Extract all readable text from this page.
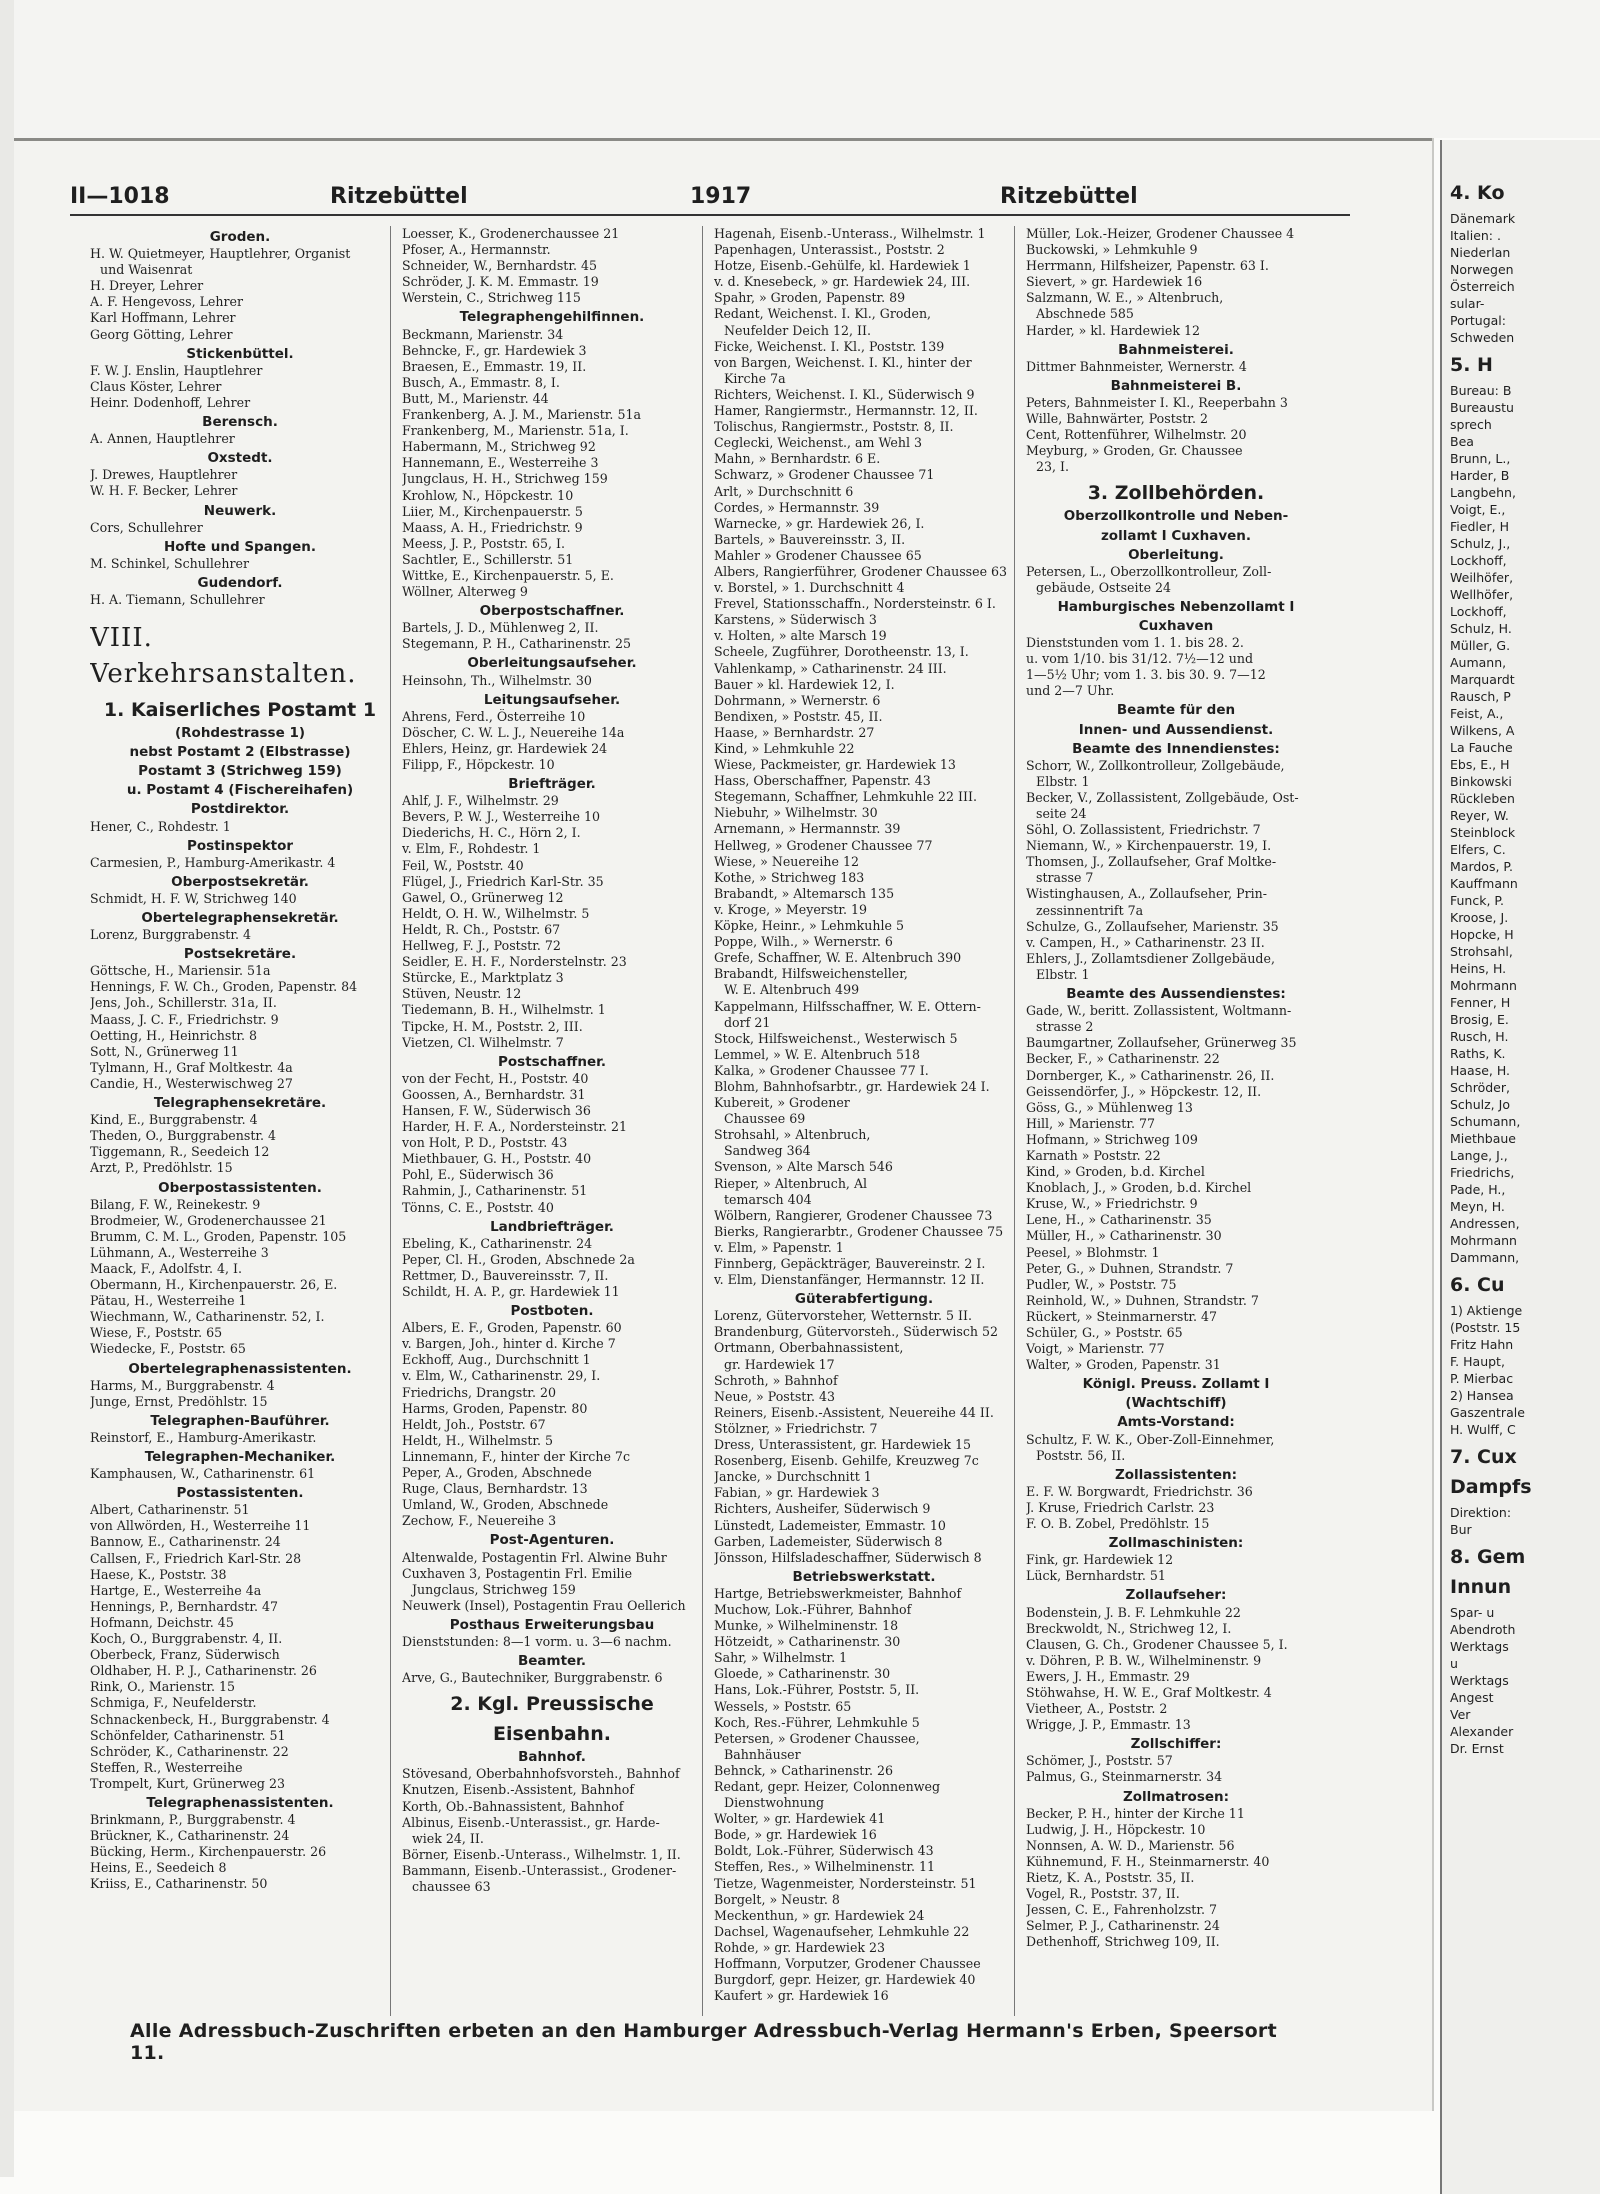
II—1018	Ritzebüttel	1917	Ritzebüttel
Groden.
H. W. Quietmeyer, Hauptlehrer, Organist
und Waisenrat
H. Dreyer, Lehrer
A. F. Hengevoss, Lehrer
Karl Hoffmann, Lehrer
Georg Götting, Lehrer
Stickenbüttel.
F. W. J. Enslin, Hauptlehrer
Claus Köster, Lehrer
Heinr. Dodenhoff, Lehrer
Berensch.
A. Annen, Hauptlehrer
Oxstedt.
J. Drewes, Hauptlehrer
W. H. F. Becker, Lehrer
Neuwerk.
Cors, Schullehrer
Hofte und Spangen.
M. Schinkel, Schullehrer
Gudendorf.
H. A. Tiemann, Schullehrer
VIII. Verkehrsanstalten.
1. Kaiserliches Postamt 1
(Rohdestrasse 1)
nebst Postamt 2 (Elbstrasse)
Postamt 3 (Strichweg 159)
u. Postamt 4 (Fischereihafen)
Postdirektor.
Hener, C., Rohdestr. 1
Postinspektor
Carmesien, P., Hamburg-Amerikastr. 4
Oberpostsekretär.
Schmidt, H. F. W, Strichweg 140
Obertelegraphensekretär.
Lorenz, Burggrabenstr. 4
Postsekretäre.
Göttsche, H., Mariensir. 51a
Hennings, F. W. Ch., Groden, Papenstr. 84
Jens, Joh., Schillerstr. 31a, II.
Maass, J. C. F., Friedrichstr. 9
Oetting, H., Heinrichstr. 8
Sott, N., Grünerweg 11
Tylmann, H., Graf Moltkestr. 4a
Candie, H., Westerwischweg 27
Telegraphensekretäre.
Kind, E., Burggrabenstr. 4
Theden, O., Burggrabenstr. 4
Tiggemann, R., Seedeich 12
Arzt, P., Predöhlstr. 15
Oberpostassistenten.
Bilang, F. W., Reinekestr. 9
Brodmeier, W., Grodenerchaussee 21
Brumm, C. M. L., Groden, Papenstr. 105
Lühmann, A., Westerreihe 3
Maack, F., Adolfstr. 4, I.
Obermann, H., Kirchenpauerstr. 26, E.
Pätau, H., Westerreihe 1
Wiechmann, W., Catharinenstr. 52, I.
Wiese, F., Poststr. 65
Wiedecke, F., Poststr. 65
Obertelegraphenassistenten.
Harms, M., Burggrabenstr. 4
Junge, Ernst, Predöhlstr. 15
Telegraphen-Bauführer.
Reinstorf, E., Hamburg-Amerikastr.
Telegraphen-Mechaniker.
Kamphausen, W., Catharinenstr. 61
Postassistenten.
Albert, Catharinenstr. 51
von Allwörden, H., Westerreihe 11
Bannow, E., Catharinenstr. 24
Callsen, F., Friedrich Karl-Str. 28
Haese, K., Poststr. 38
Hartge, E., Westerreihe 4a
Hennings, P., Bernhardstr. 47
Hofmann, Deichstr. 45
Koch, O., Burggrabenstr. 4, II.
Oberbeck, Franz, Süderwisch
Oldhaber, H. P. J., Catharinenstr. 26
Rink, O., Marienstr. 15
Schmiga, F., Neufelderstr.
Schnackenbeck, H., Burggrabenstr. 4
Schönfelder, Catharinenstr. 51
Schröder, K., Catharinenstr. 22
Steffen, R., Westerreihe
Trompelt, Kurt, Grünerweg 23
Telegraphenassistenten.
Brinkmann, P., Burggrabenstr. 4
Brückner, K., Catharinenstr. 24
Bücking, Herm., Kirchenpauerstr. 26
Heins, E., Seedeich 8
Kriiss, E., Catharinenstr. 50
Loesser, K., Grodenerchaussee 21
Pfoser, A., Hermannstr.
Schneider, W., Bernhardstr. 45
Schröder, J. K. M. Emmastr. 19
Werstein, C., Strichweg 115
Telegraphengehilfinnen.
Beckmann, Marienstr. 34
Behncke, F., gr. Hardewiek 3
Braesen, E., Emmastr. 19, II.
Busch, A., Emmastr. 8, I.
Butt, M., Marienstr. 44
Frankenberg, A. J. M., Marienstr. 51a
Frankenberg, M., Marienstr. 51a, I.
Habermann, M., Strichweg 92
Hannemann, E., Westerreihe 3
Jungclaus, H. H., Strichweg 159
Krohlow, N., Höpckestr. 10
Liier, M., Kirchenpauerstr. 5
Maass, A. H., Friedrichstr. 9
Meess, J. P., Poststr. 65, I.
Sachtler, E., Schillerstr. 51
Wittke, E., Kirchenpauerstr. 5, E.
Wöllner, Alterweg 9
Oberpostschaffner.
Bartels, J. D., Mühlenweg 2, II.
Stegemann, P. H., Catharinenstr. 25
Oberleitungsaufseher.
Heinsohn, Th., Wilhelmstr. 30
Leitungsaufseher.
Ahrens, Ferd., Österreihe 10
Döscher, C. W. L. J., Neuereihe 14a
Ehlers, Heinz, gr. Hardewiek 24
Filipp, F., Höpckestr. 10
Briefträger.
Ahlf, J. F., Wilhelmstr. 29
Bevers, P. W. J., Westerreihe 10
Diederichs, H. C., Hörn 2, I.
v. Elm, F., Rohdestr. 1
Feil, W., Poststr. 40
Flügel, J., Friedrich Karl-Str. 35
Gawel, O., Grünerweg 12
Heldt, O. H. W., Wilhelmstr. 5
Heldt, R. Ch., Poststr. 67
Hellweg, F. J., Poststr. 72
Seidler, E. H. F., Norderstelnstr. 23
Stürcke, E., Marktplatz 3
Stüven, Neustr. 12
Tiedemann, B. H., Wilhelmstr. 1
Tipcke, H. M., Poststr. 2, III.
Vietzen, Cl. Wilhelmstr. 7
Postschaffner.
von der Fecht, H., Poststr. 40
Goossen, A., Bernhardstr. 31
Hansen, F. W., Süderwisch 36
Harder, H. F. A., Nordersteinstr. 21
von Holt, P. D., Poststr. 43
Miethbauer, G. H., Poststr. 40
Pohl, E., Süderwisch 36
Rahmin, J., Catharinenstr. 51
Tönns, C. E., Poststr. 40
Landbriefträger.
Ebeling, K., Catharinenstr. 24
Peper, Cl. H., Groden, Abschnede 2a
Rettmer, D., Bauvereinsstr. 7, II.
Schildt, H. A. P., gr. Hardewiek 11
Postboten.
Albers, E. F., Groden, Papenstr. 60
v. Bargen, Joh., hinter d. Kirche 7
Eckhoff, Aug., Durchschnitt 1
v. Elm, W., Catharinenstr. 29, I.
Friedrichs, Drangstr. 20
Harms, Groden, Papenstr. 80
Heldt, Joh., Poststr. 67
Heldt, H., Wilhelmstr. 5
Linnemann, F., hinter der Kirche 7c
Peper, A., Groden, Abschnede
Ruge, Claus, Bernhardstr. 13
Umland, W., Groden, Abschnede
Zechow, F., Neuereihe 3
Post-Agenturen.
Altenwalde, Postagentin Frl. Alwine Buhr
Cuxhaven 3, Postagentin Frl. Emilie
Jungclaus, Strichweg 159
Neuwerk (Insel), Postagentin Frau Oellerich
Posthaus Erweiterungsbau
Dienststunden: 8—1 vorm. u. 3—6 nachm.
Beamter.
Arve, G., Bautechniker, Burggrabenstr. 6
2. Kgl. Preussische
Eisenbahn.
Bahnhof.
Stövesand, Oberbahnhofsvorsteh., Bahnhof
Knutzen, Eisenb.-Assistent, Bahnhof
Korth, Ob.-Bahnassistent, Bahnhof
Albinus, Eisenb.-Unterassist., gr. Harde-
wiek 24, II.
Börner, Eisenb.-Unterass., Wilhelmstr. 1, II.
Bammann, Eisenb.-Unterassist., Grodener-
chaussee 63
Hagenah, Eisenb.-Unterass., Wilhelmstr. 1
Papenhagen, Unterassist., Poststr. 2
Hotze, Eisenb.-Gehülfe, kl. Hardewiek 1
v. d. Knesebeck, » gr. Hardewiek 24, III.
Spahr, » Groden, Papenstr. 89
Redant, Weichenst. I. Kl., Groden,
Neufelder Deich 12, II.
Ficke, Weichenst. I. Kl., Poststr. 139
von Bargen, Weichenst. I. Kl., hinter der
Kirche 7a
Richters, Weichenst. I. Kl., Süderwisch 9
Hamer, Rangiermstr., Hermannstr. 12, II.
Tolischus, Rangiermstr., Poststr. 8, II.
Ceglecki, Weichenst., am Wehl 3
Mahn, » Bernhardstr. 6 E.
Schwarz, » Grodener Chaussee 71
Arlt, » Durchschnitt 6
Cordes, » Hermannstr. 39
Warnecke, » gr. Hardewiek 26, I.
Bartels, » Bauvereinsstr. 3, II.
Mahler » Grodener Chaussee 65
Albers, Rangierführer, Grodener Chaussee 63
v. Borstel, » 1. Durchschnitt 4
Frevel, Stationsschaffn., Nordersteinstr. 6 I.
Karstens, » Süderwisch 3
v. Holten, » alte Marsch 19
Scheele, Zugführer, Dorotheenstr. 13, I.
Vahlenkamp, » Catharinenstr. 24 III.
Bauer » kl. Hardewiek 12, I.
Dohrmann, » Wernerstr. 6
Bendixen, » Poststr. 45, II.
Haase, » Bernhardstr. 27
Kind, » Lehmkuhle 22
Wiese, Packmeister, gr. Hardewiek 13
Hass, Oberschaffner, Papenstr. 43
Stegemann, Schaffner, Lehmkuhle 22 III.
Niebuhr, » Wilhelmstr. 30
Arnemann, » Hermannstr. 39
Hellweg, » Grodener Chaussee 77
Wiese, » Neuereihe 12
Kothe, » Strichweg 183
Brabandt, » Altemarsch 135
v. Kroge, » Meyerstr. 19
Köpke, Heinr., » Lehmkuhle 5
Poppe, Wilh., » Wernerstr. 6
Grefe, Schaffner, W. E. Altenbruch 390
Brabandt, Hilfsweichensteller,
W. E. Altenbruch 499
Kappelmann, Hilfsschaffner, W. E. Ottern-
dorf 21
Stock, Hilfsweichenst., Westerwisch 5
Lemmel, » W. E. Altenbruch 518
Kalka, » Grodener Chaussee 77 I.
Blohm, Bahnhofsarbtr., gr. Hardewiek 24 I.
Kubereit, » Grodener
Chaussee 69
Strohsahl, » Altenbruch,
Sandweg 364
Svenson, » Alte Marsch 546
Rieper, » Altenbruch, Al
temarsch 404
Wölbern, Rangierer, Grodener Chaussee 73
Bierks, Rangierarbtr., Grodener Chaussee 75
v. Elm, » Papenstr. 1
Finnberg, Gepäckträger, Bauvereinstr. 2 I.
v. Elm, Dienstanfänger, Hermannstr. 12 II.
Güterabfertigung.
Lorenz, Gütervorsteher, Wetternstr. 5 II.
Brandenburg, Gütervorsteh., Süderwisch 52
Ortmann, Oberbahnassistent,
gr. Hardewiek 17
Schroth, » Bahnhof
Neue, » Poststr. 43
Reiners, Eisenb.-Assistent, Neuereihe 44 II.
Stölzner, » Friedrichstr. 7
Dress, Unterassistent, gr. Hardewiek 15
Rosenberg, Eisenb. Gehilfe, Kreuzweg 7c
Jancke, » Durchschnitt 1
Fabian, » gr. Hardewiek 3
Richters, Ausheifer, Süderwisch 9
Lünstedt, Lademeister, Emmastr. 10
Garben, Lademeister, Süderwisch 8
Jönsson, Hilfsladeschaffner, Süderwisch 8
Betriebswerkstatt.
Hartge, Betriebswerkmeister, Bahnhof
Muchow, Lok.-Führer, Bahnhof
Munke, » Wilhelminenstr. 18
Hötzeidt, » Catharinenstr. 30
Sahr, » Wilhelmstr. 1
Gloede, » Catharinenstr. 30
Hans, Lok.-Führer, Poststr. 5, II.
Wessels, » Poststr. 65
Koch, Res.-Führer, Lehmkuhle 5
Petersen, » Grodener Chaussee,
Bahnhäuser
Behnck, » Catharinenstr. 26
Redant, gepr. Heizer, Colonnenweg
Dienstwohnung
Wolter, » gr. Hardewiek 41
Bode, » gr. Hardewiek 16
Boldt, Lok.-Führer, Süderwisch 43
Steffen, Res., » Wilhelminenstr. 11
Tietze, Wagenmeister, Nordersteinstr. 51
Borgelt, » Neustr. 8
Meckenthun, » gr. Hardewiek 24
Dachsel, Wagenaufseher, Lehmkuhle 22
Rohde, » gr. Hardewiek 23
Hoffmann, Vorputzer, Grodener Chaussee
Burgdorf, gepr. Heizer, gr. Hardewiek 40
Kaufert » gr. Hardewiek 16
Müller, Lok.-Heizer, Grodener Chaussee 4
Buckowski, » Lehmkuhle 9
Herrmann, Hilfsheizer, Papenstr. 63 I.
Sievert, » gr. Hardewiek 16
Salzmann, W. E., » Altenbruch,
Abschnede 585
Harder, » kl. Hardewiek 12
Bahnmeisterei.
Dittmer Bahnmeister, Wernerstr. 4
Bahnmeisterei B.
Peters, Bahnmeister I. Kl., Reeperbahn 3
Wille, Bahnwärter, Poststr. 2
Cent, Rottenführer, Wilhelmstr. 20
Meyburg, » Groden, Gr. Chaussee
23, I.
3. Zollbehörden.
Oberzollkontrolle und Neben-
zollamt I Cuxhaven.
Oberleitung.
Petersen, L., Oberzollkontrolleur, Zoll-
gebäude, Ostseite 24
Hamburgisches Nebenzollamt I
Cuxhaven
Dienststunden vom 1. 1. bis 28. 2.
u. vom 1/10. bis 31/12. 7½—12 und
1—5½ Uhr; vom 1. 3. bis 30. 9. 7—12
und 2—7 Uhr.
Beamte für den
Innen- und Aussendienst.
Beamte des Innendienstes:
Schorr, W., Zollkontrolleur, Zollgebäude,
Elbstr. 1
Becker, V., Zollassistent, Zollgebäude, Ost-
seite 24
Söhl, O. Zollassistent, Friedrichstr. 7
Niemann, W., » Kirchenpauerstr. 19, I.
Thomsen, J., Zollaufseher, Graf Moltke-
strasse 7
Wistinghausen, A., Zollaufseher, Prin-
zessinnentrift 7a
Schulze, G., Zollaufseher, Marienstr. 35
v. Campen, H., » Catharinenstr. 23 II.
Ehlers, J., Zollamtsdiener Zollgebäude,
Elbstr. 1
Beamte des Aussendienstes:
Gade, W., beritt. Zollassistent, Woltmann-
strasse 2
Baumgartner, Zollaufseher, Grünerweg 35
Becker, F., » Catharinenstr. 22
Dornberger, K., » Catharinenstr. 26, II.
Geissendörfer, J., » Höpckestr. 12, II.
Göss, G., » Mühlenweg 13
Hill, » Marienstr. 77
Hofmann, » Strichweg 109
Karnath » Poststr. 22
Kind, » Groden, b.d. Kirchel
Knoblach, J., » Groden, b.d. Kirchel
Kruse, W., » Friedrichstr. 9
Lene, H., » Catharinenstr. 35
Müller, H., » Catharinenstr. 30
Peesel, » Blohmstr. 1
Peter, G., » Duhnen, Strandstr. 7
Pudler, W., » Poststr. 75
Reinhold, W., » Duhnen, Strandstr. 7
Rückert, » Steinmarnerstr. 47
Schüler, G., » Poststr. 65
Voigt, » Marienstr. 77
Walter, » Groden, Papenstr. 31
Königl. Preuss. Zollamt I
(Wachtschiff)
Amts-Vorstand:
Schultz, F. W. K., Ober-Zoll-Einnehmer,
Poststr. 56, II.
Zollassistenten:
E. F. W. Borgwardt, Friedrichstr. 36
J. Kruse, Friedrich Carlstr. 23
F. O. B. Zobel, Predöhlstr. 15
Zollmaschinisten:
Fink, gr. Hardewiek 12
Lück, Bernhardstr. 51
Zollaufseher:
Bodenstein, J. B. F. Lehmkuhle 22
Breckwoldt, N., Strichweg 12, I.
Clausen, G. Ch., Grodener Chaussee 5, I.
v. Döhren, P. B. W., Wilhelminenstr. 9
Ewers, J. H., Emmastr. 29
Stöhwahse, H. W. E., Graf Moltkestr. 4
Vietheer, A., Poststr. 2
Wrigge, J. P., Emmastr. 13
Zollschiffer:
Schömer, J., Poststr. 57
Palmus, G., Steinmarnerstr. 34
Zollmatrosen:
Becker, P. H., hinter der Kirche 11
Ludwig, J. H., Höpckestr. 10
Nonnsen, A. W. D., Marienstr. 56
Kühnemund, F. H., Steinmarnerstr. 40
Rietz, K. A., Poststr. 35, II.
Vogel, R., Poststr. 37, II.
Jessen, C. E., Fahrenholzstr. 7
Selmer, P. J., Catharinenstr. 24
Dethenhoff, Strichweg 109, II.
Alle Adressbuch-Zuschriften erbeten an den Hamburger Adressbuch-Verlag Hermann's Erben, Speersort 11.
4. Ko
Dänemark
Italien: .
Niederlan
Norwegen
Österreich
sular-
Portugal:
Schweden
5. H
Bureau: B
Bureaustu
sprech
Bea
Brunn, L.,
Harder, B
Langbehn,
Voigt, E.,
Fiedler, H
Schulz, J.,
Lockhoff,
Weilhöfer,
Wellhöfer,
Lockhoff,
Schulz, H.
Müller, G.
Aumann,
Marquardt
Rausch, P
Feist, A.,
Wilkens, A
La Fauche
Ebs, E., H
Binkowski
Rückleben
Reyer, W.
Steinblock
Elfers, C.
Mardos, P.
Kauffmann
Funck, P.
Kroose, J.
Hopcke, H
Strohsahl,
Heins, H.
Mohrmann
Fenner, H
Brosig, E.
Rusch, H.
Raths, K.
Haase, H.
Schröder,
Schulz, Jo
Schumann,
Miethbaue
Lange, J.,
Friedrichs,
Pade, H.,
Meyn, H.
Andressen,
Mohrmann
Dammann,
6. Cu
1) Aktienge
(Poststr. 15
Fritz Hahn
F. Haupt,
P. Mierbac
2) Hansea
Gaszentrale
H. Wulff, C
7. Cux
Dampfs
Direktion:
Bur
8. Gem
Innun
Spar- u
Abendroth
Werktags
u
Werktags
Angest
Ver
Alexander
Dr. Ernst
